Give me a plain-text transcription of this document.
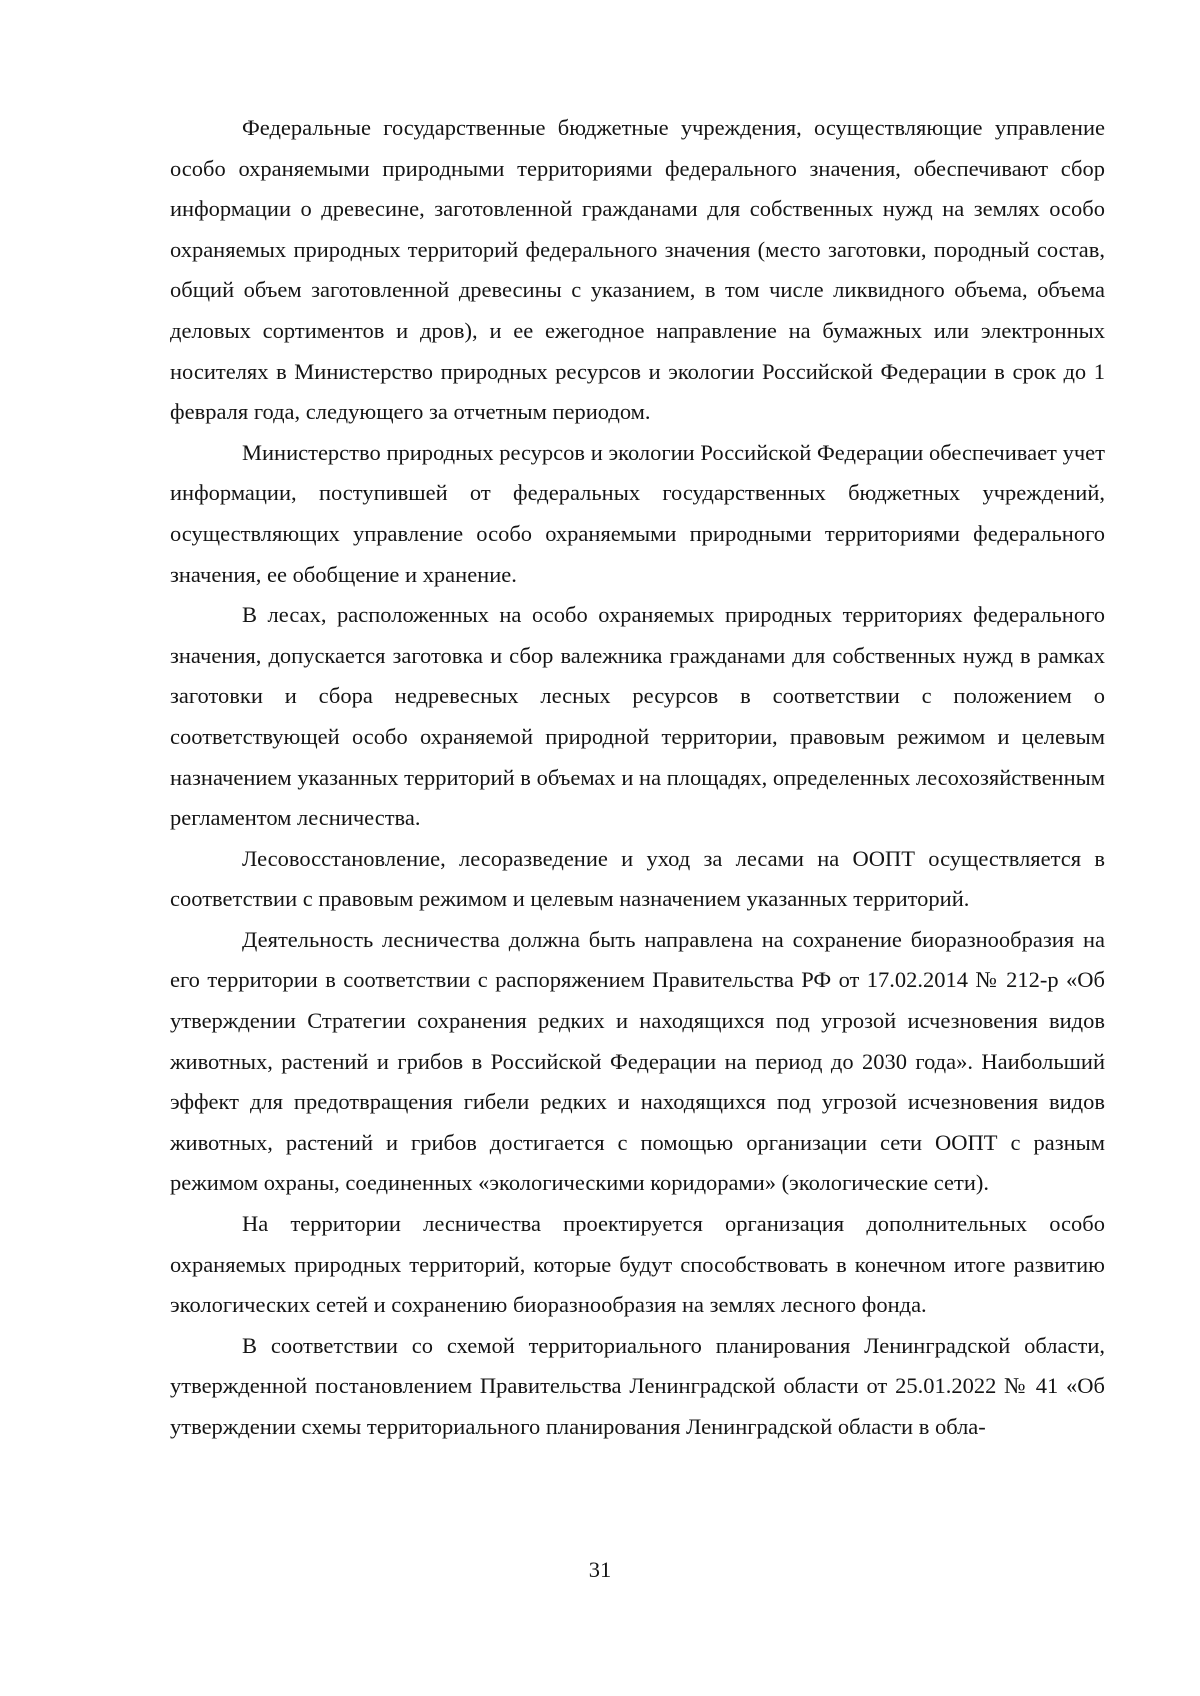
Федеральные государственные бюджетные учреждения, осуществляющие управление особо охраняемыми природными территориями федерального значения, обеспечивают сбор информации о древесине, заготовленной гражданами для собственных нужд на землях особо охраняемых природных территорий федерального значения (место заготовки, породный состав, общий объем заготовленной древесины с указанием, в том числе ликвидного объема, объема деловых сортиментов и дров), и ее ежегодное направление на бумажных или электронных носителях в Министерство природных ресурсов и экологии Российской Федерации в срок до 1 февраля года, следующего за отчетным периодом.

Министерство природных ресурсов и экологии Российской Федерации обеспечивает учет информации, поступившей от федеральных государственных бюджетных учреждений, осуществляющих управление особо охраняемыми природными территориями федерального значения, ее обобщение и хранение.

В лесах, расположенных на особо охраняемых природных территориях федерального значения, допускается заготовка и сбор валежника гражданами для собственных нужд в рамках заготовки и сбора недревесных лесных ресурсов в соответствии с положением о соответствующей особо охраняемой природной территории, правовым режимом и целевым назначением указанных территорий в объемах и на площадях, определенных лесохозяйственным регламентом лесничества.

Лесовосстановление, лесоразведение и уход за лесами на ООПТ осуществляется в соответствии с правовым режимом и целевым назначением указанных территорий.

Деятельность лесничества должна быть направлена на сохранение биоразнообразия на его территории в соответствии с распоряжением Правительства РФ от 17.02.2014 № 212-р «Об утверждении Стратегии сохранения редких и находящихся под угрозой исчезновения видов животных, растений и грибов в Российской Федерации на период до 2030 года». Наибольший эффект для предотвращения гибели редких и находящихся под угрозой исчезновения видов животных, растений и грибов достигается с помощью организации сети ООПТ с разным режимом охраны, соединенных «экологическими коридорами» (экологические сети).

На территории лесничества проектируется организация дополнительных особо охраняемых природных территорий, которые будут способствовать в конечном итоге развитию экологических сетей и сохранению биоразнообразия на землях лесного фонда.

В соответствии со схемой территориального планирования Ленинградской области, утвержденной постановлением Правительства Ленинградской области от 25.01.2022 № 41 «Об утверждении схемы территориального планирования Ленинградской области в обла-

31
